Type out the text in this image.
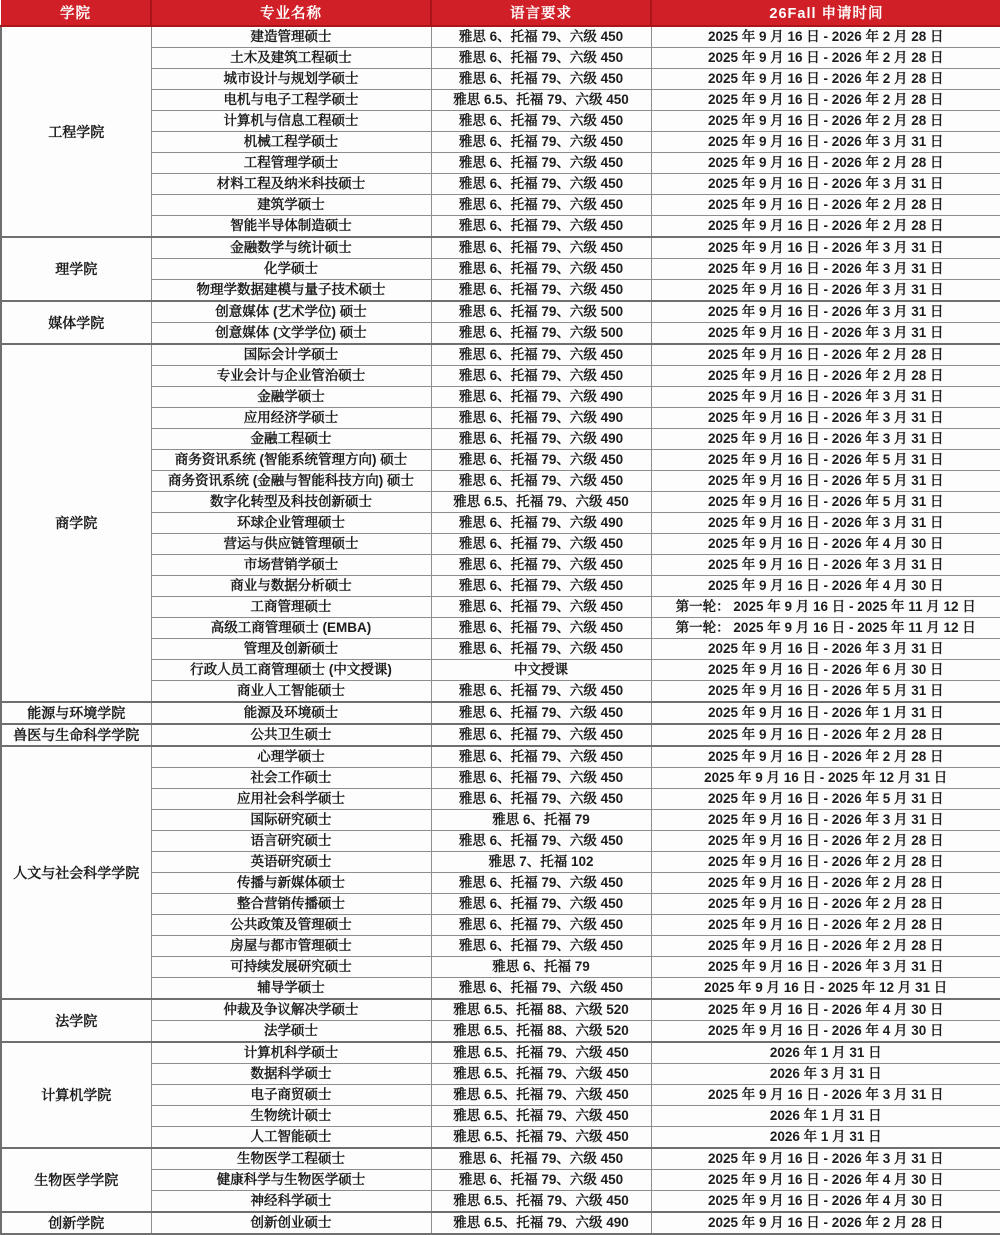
学院	专业名称	语言要求	26Fall 申请时间
工程学院	建造管理硕士	雅思 6、托福 79、六级 450	2025 年 9 月 16 日 - 2026 年 2 月 28 日
	土木及建筑工程硕士	雅思 6、托福 79、六级 450	2025 年 9 月 16 日 - 2026 年 2 月 28 日
	城市设计与规划学硕士	雅思 6、托福 79、六级 450	2025 年 9 月 16 日 - 2026 年 2 月 28 日
	电机与电子工程学硕士	雅思 6.5、托福 79、六级 450	2025 年 9 月 16 日 - 2026 年 2 月 28 日
	计算机与信息工程硕士	雅思 6、托福 79、六级 450	2025 年 9 月 16 日 - 2026 年 2 月 28 日
	机械工程学硕士	雅思 6、托福 79、六级 450	2025 年 9 月 16 日 - 2026 年 3 月 31 日
	工程管理学硕士	雅思 6、托福 79、六级 450	2025 年 9 月 16 日 - 2026 年 2 月 28 日
	材料工程及纳米科技硕士	雅思 6、托福 79、六级 450	2025 年 9 月 16 日 - 2026 年 3 月 31 日
	建筑学硕士	雅思 6、托福 79、六级 450	2025 年 9 月 16 日 - 2026 年 2 月 28 日
	智能半导体制造硕士	雅思 6、托福 79、六级 450	2025 年 9 月 16 日 - 2026 年 2 月 28 日
理学院	金融数学与统计硕士	雅思 6、托福 79、六级 450	2025 年 9 月 16 日 - 2026 年 3 月 31 日
	化学硕士	雅思 6、托福 79、六级 450	2025 年 9 月 16 日 - 2026 年 3 月 31 日
	物理学数据建模与量子技术硕士	雅思 6、托福 79、六级 450	2025 年 9 月 16 日 - 2026 年 3 月 31 日
媒体学院	创意媒体 (艺术学位) 硕士	雅思 6、托福 79、六级 500	2025 年 9 月 16 日 - 2026 年 3 月 31 日
	创意媒体 (文学学位) 硕士	雅思 6、托福 79、六级 500	2025 年 9 月 16 日 - 2026 年 3 月 31 日
商学院	国际会计学硕士	雅思 6、托福 79、六级 450	2025 年 9 月 16 日 - 2026 年 2 月 28 日
	专业会计与企业管治硕士	雅思 6、托福 79、六级 450	2025 年 9 月 16 日 - 2026 年 2 月 28 日
	金融学硕士	雅思 6、托福 79、六级 490	2025 年 9 月 16 日 - 2026 年 3 月 31 日
	应用经济学硕士	雅思 6、托福 79、六级 490	2025 年 9 月 16 日 - 2026 年 3 月 31 日
	金融工程硕士	雅思 6、托福 79、六级 490	2025 年 9 月 16 日 - 2026 年 3 月 31 日
	商务资讯系统 (智能系统管理方向) 硕士	雅思 6、托福 79、六级 450	2025 年 9 月 16 日 - 2026 年 5 月 31 日
	商务资讯系统 (金融与智能科技方向) 硕士	雅思 6、托福 79、六级 450	2025 年 9 月 16 日 - 2026 年 5 月 31 日
	数字化转型及科技创新硕士	雅思 6.5、托福 79、六级 450	2025 年 9 月 16 日 - 2026 年 5 月 31 日
	环球企业管理硕士	雅思 6、托福 79、六级 490	2025 年 9 月 16 日 - 2026 年 3 月 31 日
	营运与供应链管理硕士	雅思 6、托福 79、六级 450	2025 年 9 月 16 日 - 2026 年 4 月 30 日
	市场营销学硕士	雅思 6、托福 79、六级 450	2025 年 9 月 16 日 - 2026 年 3 月 31 日
	商业与数据分析硕士	雅思 6、托福 79、六级 450	2025 年 9 月 16 日 - 2026 年 4 月 30 日
	工商管理硕士	雅思 6、托福 79、六级 450	第一轮： 2025 年 9 月 16 日 - 2025 年 11 月 12 日
	高级工商管理硕士 (EMBA)	雅思 6、托福 79、六级 450	第一轮： 2025 年 9 月 16 日 - 2025 年 11 月 12 日
	管理及创新硕士	雅思 6、托福 79、六级 450	2025 年 9 月 16 日 - 2026 年 3 月 31 日
	行政人员工商管理硕士 (中文授课)	中文授课	2025 年 9 月 16 日 - 2026 年 6 月 30 日
	商业人工智能硕士	雅思 6、托福 79、六级 450	2025 年 9 月 16 日 - 2026 年 5 月 31 日
能源与环境学院	能源及环境硕士	雅思 6、托福 79、六级 450	2025 年 9 月 16 日 - 2026 年 1 月 31 日
兽医与生命科学学院	公共卫生硕士	雅思 6、托福 79、六级 450	2025 年 9 月 16 日 - 2026 年 2 月 28 日
人文与社会科学学院	心理学硕士	雅思 6、托福 79、六级 450	2025 年 9 月 16 日 - 2026 年 2 月 28 日
	社会工作硕士	雅思 6、托福 79、六级 450	2025 年 9 月 16 日 - 2025 年 12 月 31 日
	应用社会科学硕士	雅思 6、托福 79、六级 450	2025 年 9 月 16 日 - 2026 年 5 月 31 日
	国际研究硕士	雅思 6、托福 79	2025 年 9 月 16 日 - 2026 年 3 月 31 日
	语言研究硕士	雅思 6、托福 79、六级 450	2025 年 9 月 16 日 - 2026 年 2 月 28 日
	英语研究硕士	雅思 7、托福 102	2025 年 9 月 16 日 - 2026 年 2 月 28 日
	传播与新媒体硕士	雅思 6、托福 79、六级 450	2025 年 9 月 16 日 - 2026 年 2 月 28 日
	整合营销传播硕士	雅思 6、托福 79、六级 450	2025 年 9 月 16 日 - 2026 年 2 月 28 日
	公共政策及管理硕士	雅思 6、托福 79、六级 450	2025 年 9 月 16 日 - 2026 年 2 月 28 日
	房屋与都市管理硕士	雅思 6、托福 79、六级 450	2025 年 9 月 16 日 - 2026 年 2 月 28 日
	可持续发展研究硕士	雅思 6、托福 79	2025 年 9 月 16 日 - 2026 年 3 月 31 日
	辅导学硕士	雅思 6、托福 79、六级 450	2025 年 9 月 16 日 - 2025 年 12 月 31 日
法学院	仲裁及争议解决学硕士	雅思 6.5、托福 88、六级 520	2025 年 9 月 16 日 - 2026 年 4 月 30 日
	法学硕士	雅思 6.5、托福 88、六级 520	2025 年 9 月 16 日 - 2026 年 4 月 30 日
计算机学院	计算机科学硕士	雅思 6.5、托福 79、六级 450	2026 年 1 月 31 日
	数据科学硕士	雅思 6.5、托福 79、六级 450	2026 年 3 月 31 日
	电子商贸硕士	雅思 6.5、托福 79、六级 450	2025 年 9 月 16 日 - 2026 年 3 月 31 日
	生物统计硕士	雅思 6.5、托福 79、六级 450	2026 年 1 月 31 日
	人工智能硕士	雅思 6.5、托福 79、六级 450	2026 年 1 月 31 日
生物医学学院	生物医学工程硕士	雅思 6、托福 79、六级 450	2025 年 9 月 16 日 - 2026 年 3 月 31 日
	健康科学与生物医学硕士	雅思 6、托福 79、六级 450	2025 年 9 月 16 日 - 2026 年 4 月 30 日
	神经科学硕士	雅思 6.5、托福 79、六级 450	2025 年 9 月 16 日 - 2026 年 4 月 30 日
创新学院	创新创业硕士	雅思 6.5、托福 79、六级 490	2025 年 9 月 16 日 - 2026 年 2 月 28 日
